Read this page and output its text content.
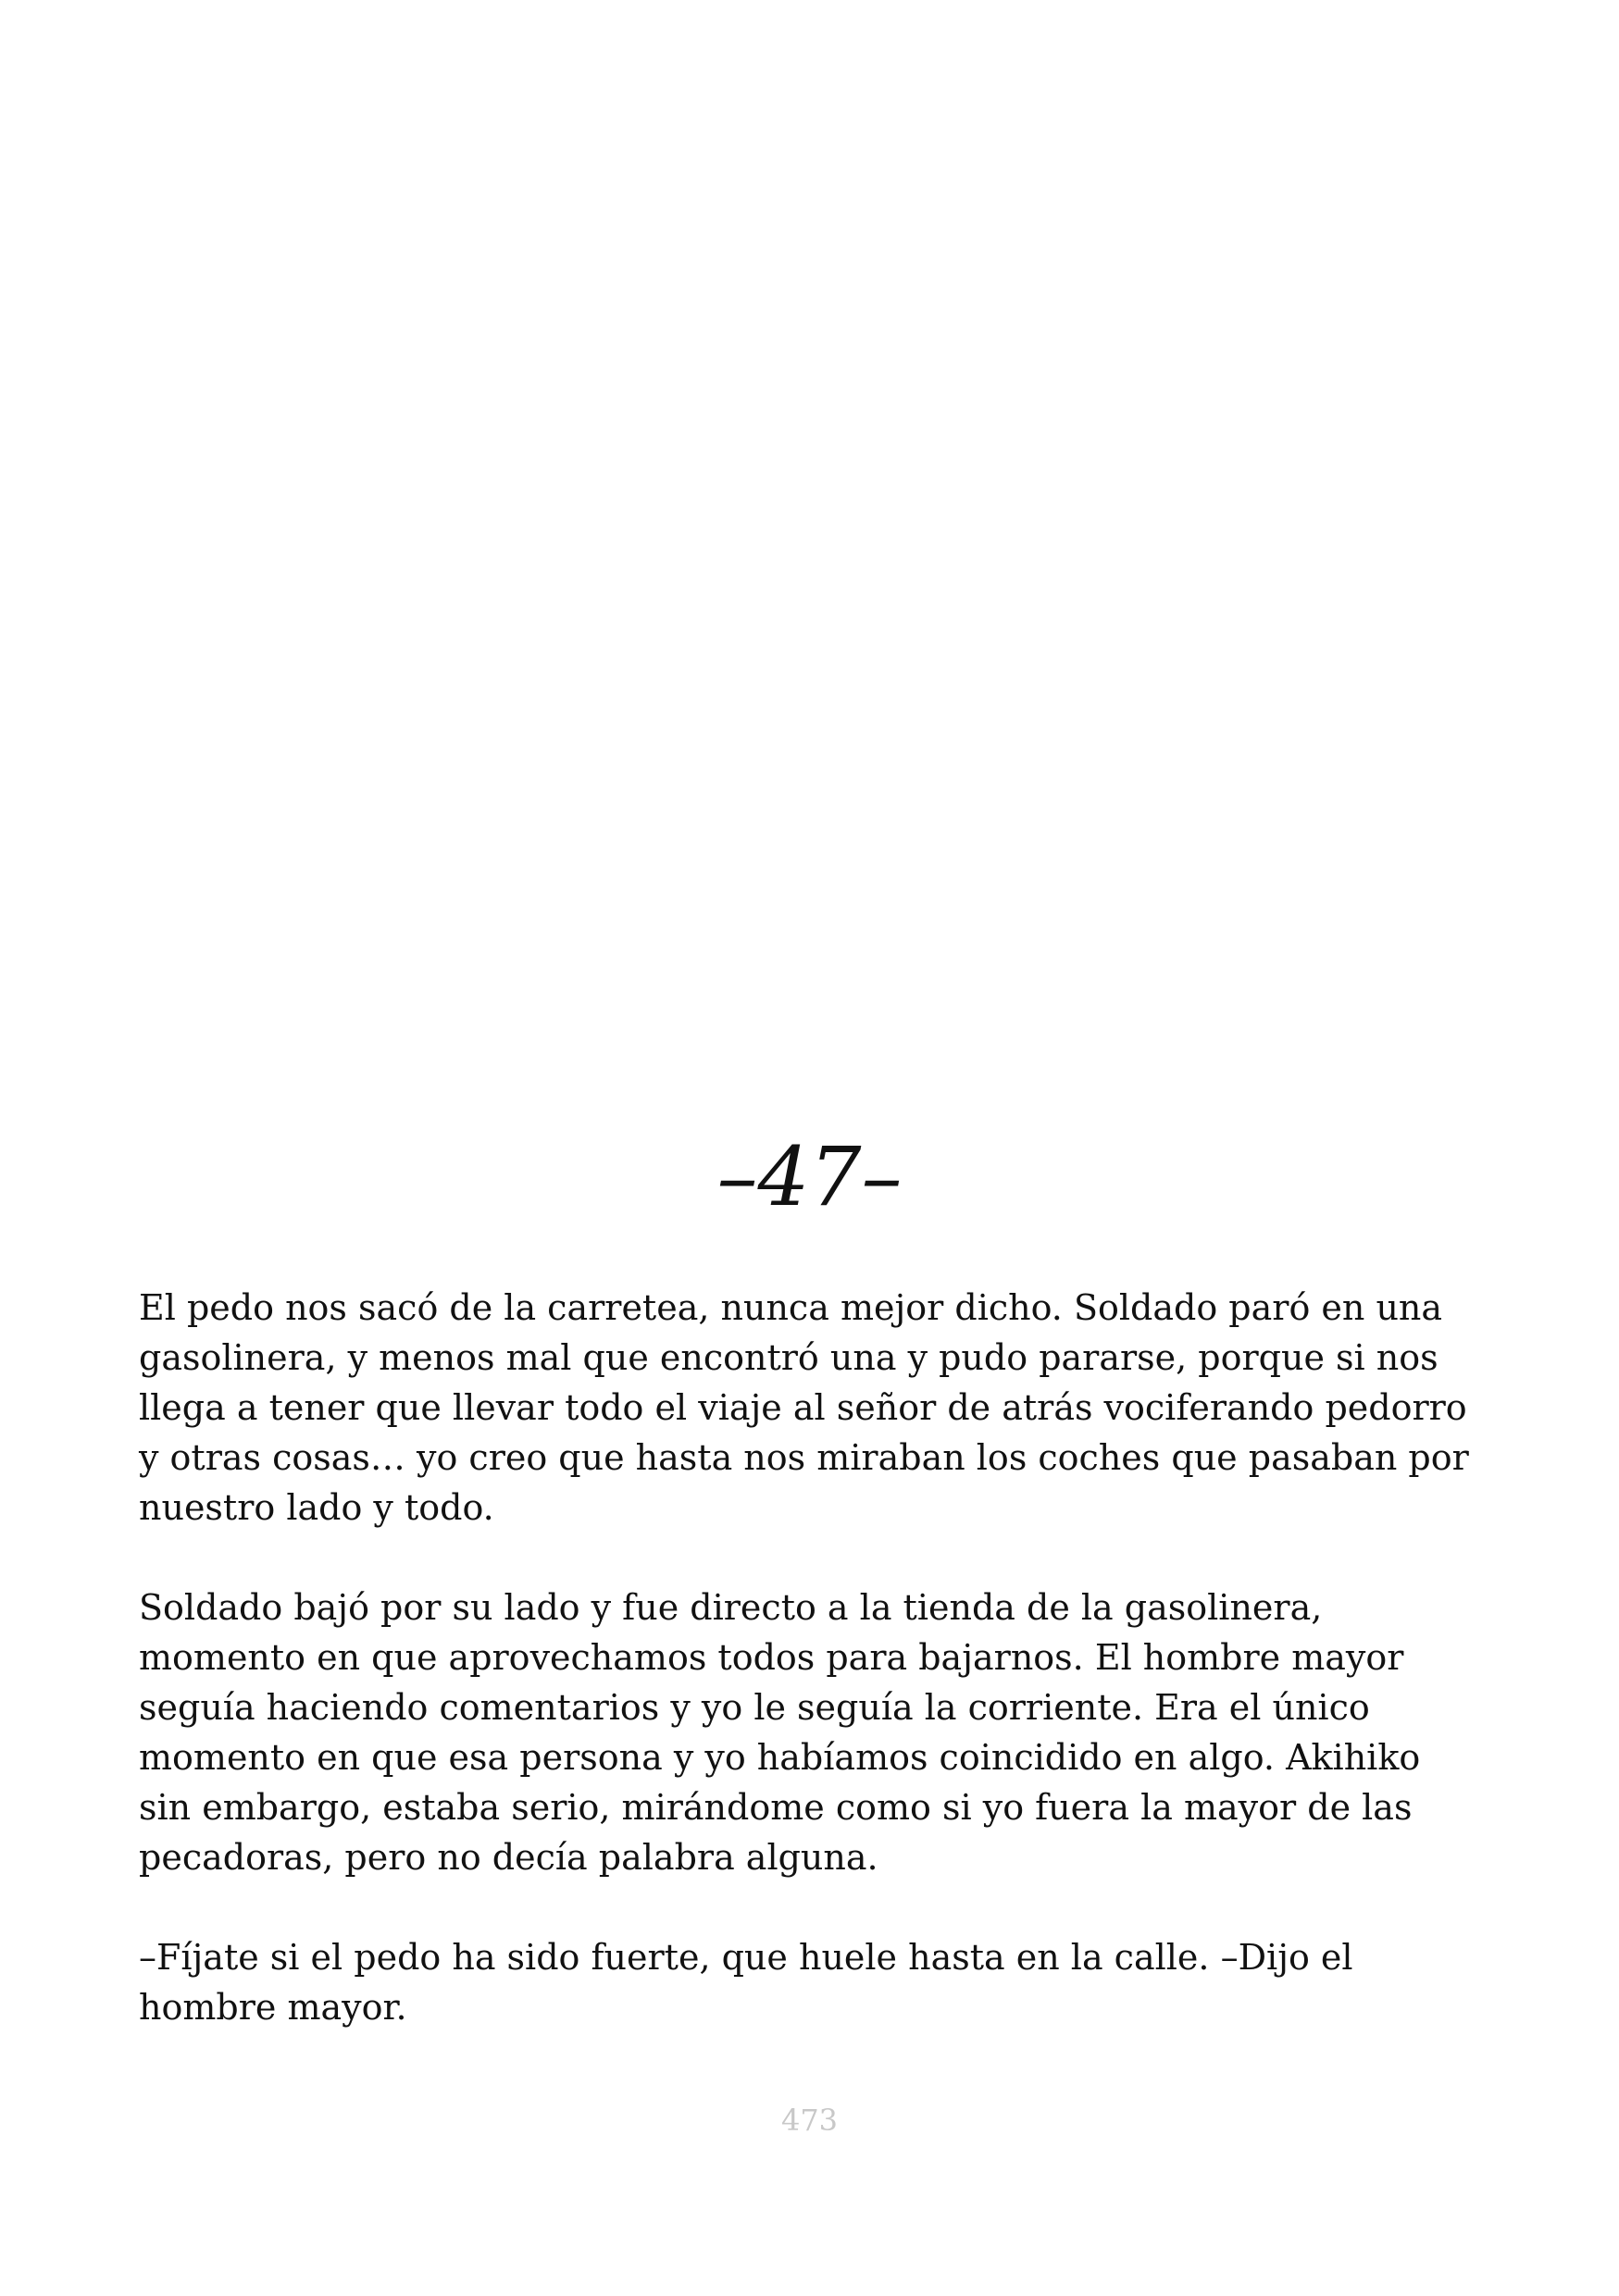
–47–

El pedo nos sacó de la carretea, nunca mejor dicho. Soldado paró en una
gasolinera, y menos mal que encontró una y pudo pararse, porque si nos
llega a tener que llevar todo el viaje al señor de atrás vociferando pedorro
y otras cosas… yo creo que hasta nos miraban los coches que pasaban por
nuestro lado y todo.

Soldado bajó por su lado y fue directo a la tienda de la gasolinera,
momento en que aprovechamos todos para bajarnos. El hombre mayor
seguía haciendo comentarios y yo le seguía la corriente. Era el único
momento en que esa persona y yo habíamos coincidido en algo. Akihiko
sin embargo, estaba serio, mirándome como si yo fuera la mayor de las
pecadoras, pero no decía palabra alguna.

–Fíjate si el pedo ha sido fuerte, que huele hasta en la calle. –Dijo el
hombre mayor.

473
